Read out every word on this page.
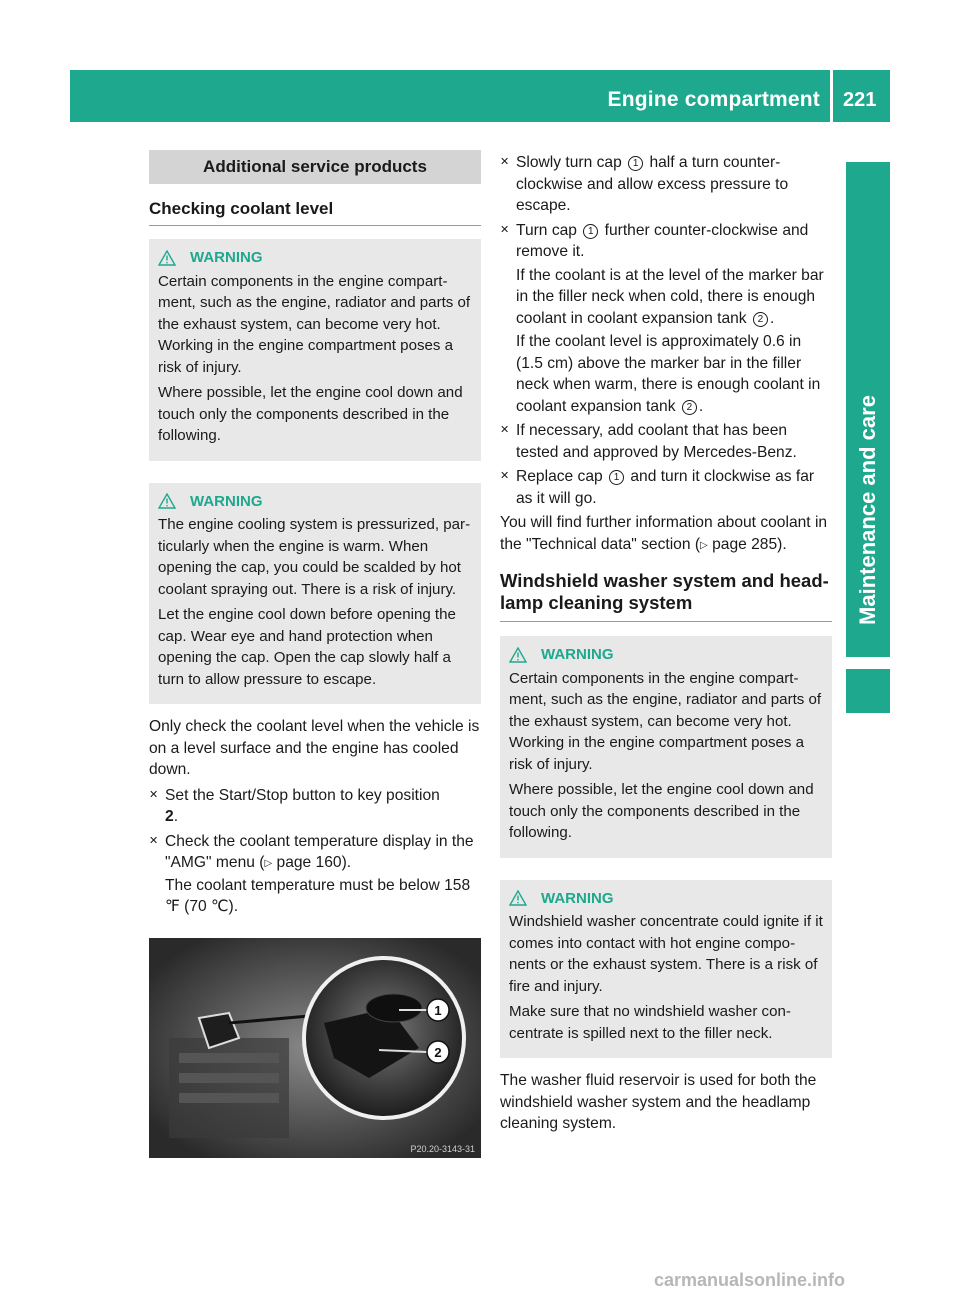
Engine compartment 221
Maintenance and care
Additional service products
Checking coolant level
WARNING

Certain components in the engine compartment, such as the engine, radiator and parts of the exhaust system, can become very hot. Working in the engine compartment poses a risk of injury.

Where possible, let the engine cool down and touch only the components described in the following.

WARNING

The engine cooling system is pressurized, particularly when the engine is warm. When opening the cap, you could be scalded by hot coolant spraying out. There is a risk of injury.

Let the engine cool down before opening the cap. Wear eye and hand protection when opening the cap. Open the cap slowly half a turn to allow pressure to escape.

Only check the coolant level when the vehicle is on a level surface and the engine has cooled down.

✕ Set the Start/Stop button to key position
2.
✕ Check the coolant temperature display in the "AMG" menu (▷ page 160).

The coolant temperature must be below 158 ℉ (70 ℃).

1
2
P20.20-3143-31
✕ Slowly turn cap 1 half a turn counter-clockwise and allow excess pressure to escape.
✕ Turn cap 1 further counter-clockwise and remove it.

If the coolant is at the level of the marker bar in the filler neck when cold, there is enough coolant in coolant expansion tank 2 .

If the coolant level is approximately 0.6 in (1.5 cm) above the marker bar in the filler neck when warm, there is enough coolant in coolant expansion tank 2 .

✕ If necessary, add coolant that has been tested and approved by Mercedes-Benz.
✕ Replace cap 1 and turn it clockwise as far as it will go.

You will find further information about coolant in the "Technical data" section (▷ page 285).

Windshield washer system and headlamp cleaning system
WARNING

Certain components in the engine compartment, such as the engine, radiator and parts of the exhaust system, can become very hot. Working in the engine compartment poses a risk of injury.

Where possible, let the engine cool down and touch only the components described in the following.

WARNING

Windshield washer concentrate could ignite if it comes into contact with hot engine components or the exhaust system. There is a risk of fire and injury.

Make sure that no windshield washer concentrate is spilled next to the filler neck.

The washer fluid reservoir is used for both the windshield washer system and the headlamp cleaning system.

carmanualsonline.info
